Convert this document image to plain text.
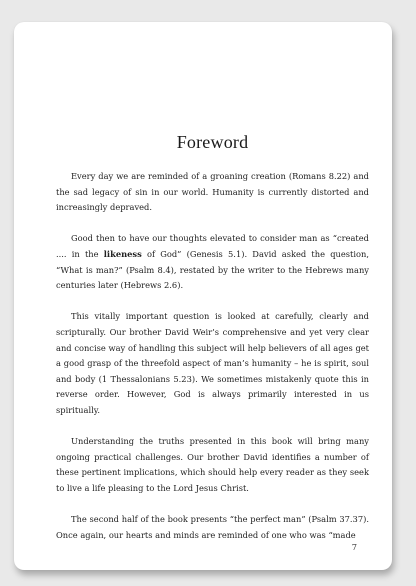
Foreword

Every day we are reminded of a groaning creation (Romans 8.22) and the sad legacy of sin in our world. Humanity is currently distorted and increasingly depraved.

Good then to have our thoughts elevated to consider man as “created .... in the likeness of God” (Genesis 5.1). David asked the question, “What is man?” (Psalm 8.4), restated by the writer to the Hebrews many centuries later (Hebrews 2.6).

This vitally important question is looked at carefully, clearly and scripturally. Our brother David Weir’s comprehensive and yet very clear and concise way of handling this subject will help believers of all ages get a good grasp of the threefold aspect of man’s humanity – he is spirit, soul and body (1 Thessalonians 5.23). We sometimes mistakenly quote this in reverse order. However, God is always primarily interested in us spiritually.

Understanding the truths presented in this book will bring many ongoing practical challenges. Our brother David identifies a number of these pertinent implications, which should help every reader as they seek to live a life pleasing to the Lord Jesus Christ.

The second half of the book presents “the perfect man” (Psalm 37.37). Once again, our hearts and minds are reminded of one who was “made

7
